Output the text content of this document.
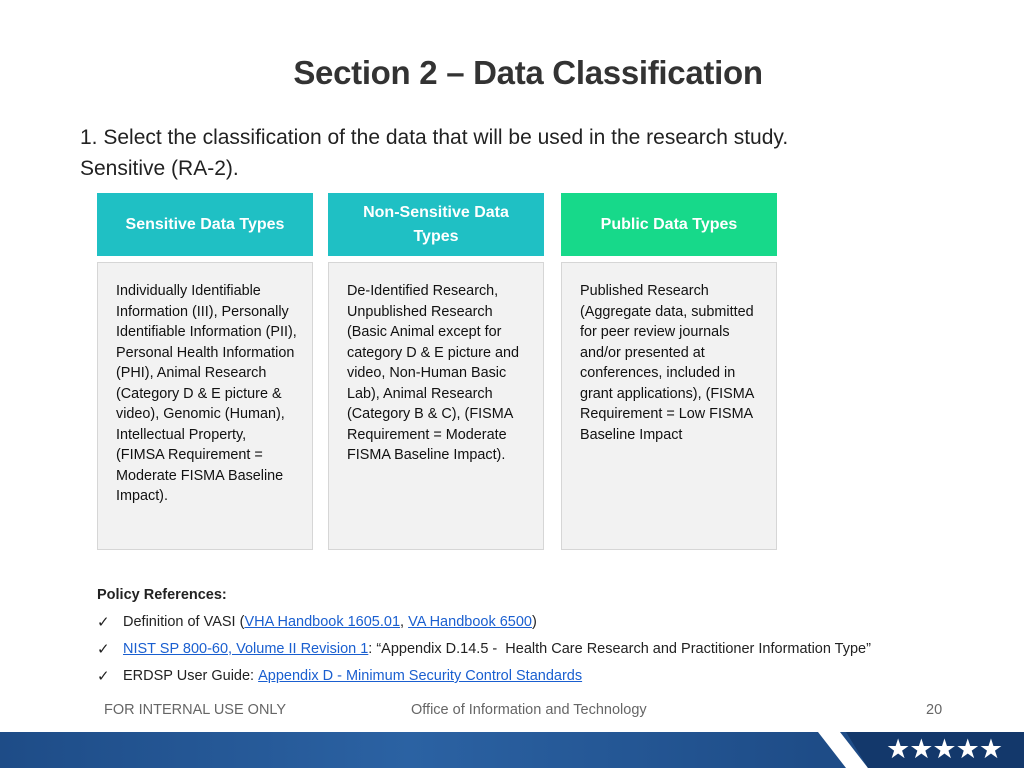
Section 2 – Data Classification
1. Select the classification of the data that will be used in the research study.
Sensitive (RA-2).
Sensitive Data Types
Non-Sensitive Data Types
Public Data Types
Individually Identifiable Information (III), Personally Identifiable Information (PII), Personal Health Information (PHI), Animal Research (Category D & E picture & video), Genomic (Human), Intellectual Property, (FIMSA Requirement = Moderate FISMA Baseline Impact).
De-Identified Research, Unpublished Research (Basic Animal except for category D & E picture and video, Non-Human Basic Lab), Animal Research (Category B & C), (FISMA Requirement = Moderate FISMA Baseline Impact).
Published Research (Aggregate data, submitted for peer review journals and/or presented at conferences, included in grant applications), (FISMA Requirement = Low FISMA Baseline Impact
Policy References:
✓ Definition of VASI ( VHA Handbook 1605.01 , VA Handbook 6500 )
✓ NIST SP 800-60, Volume II Revision 1 : “Appendix D.14.5 -  Health Care Research and Practitioner Information Type”
✓ ERDSP User Guide: Appendix D - Minimum Security Control Standards
FOR INTERNAL USE ONLY	Office of Information and Technology	20
★★★★★
